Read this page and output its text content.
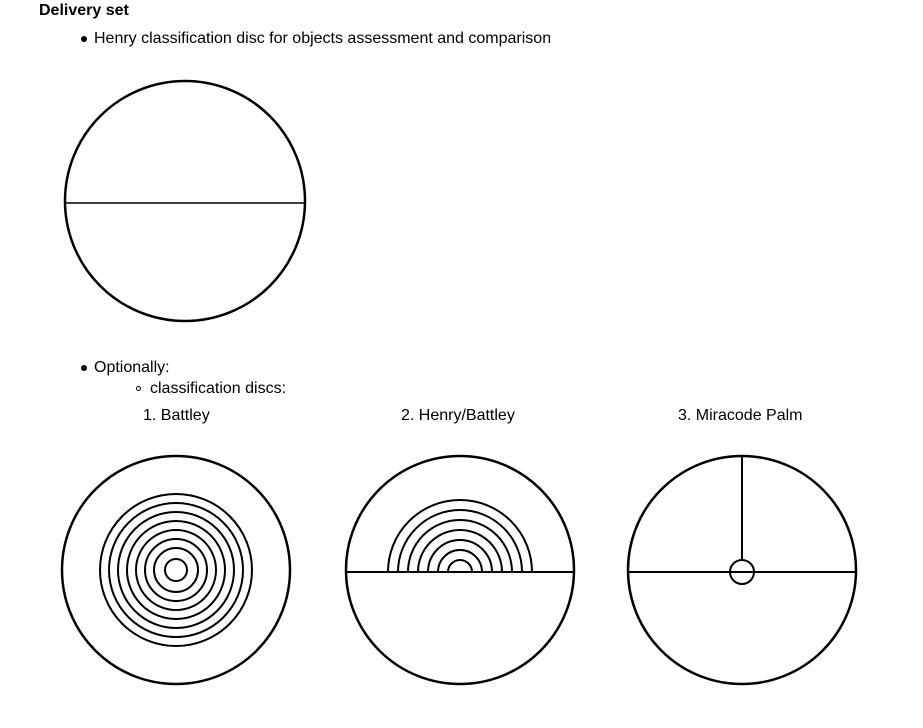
Delivery set
Henry classification disc for objects assessment and comparison
Optionally:
classification discs:
1. Battley	2. Henry/Battley	3. Miracode Palm
